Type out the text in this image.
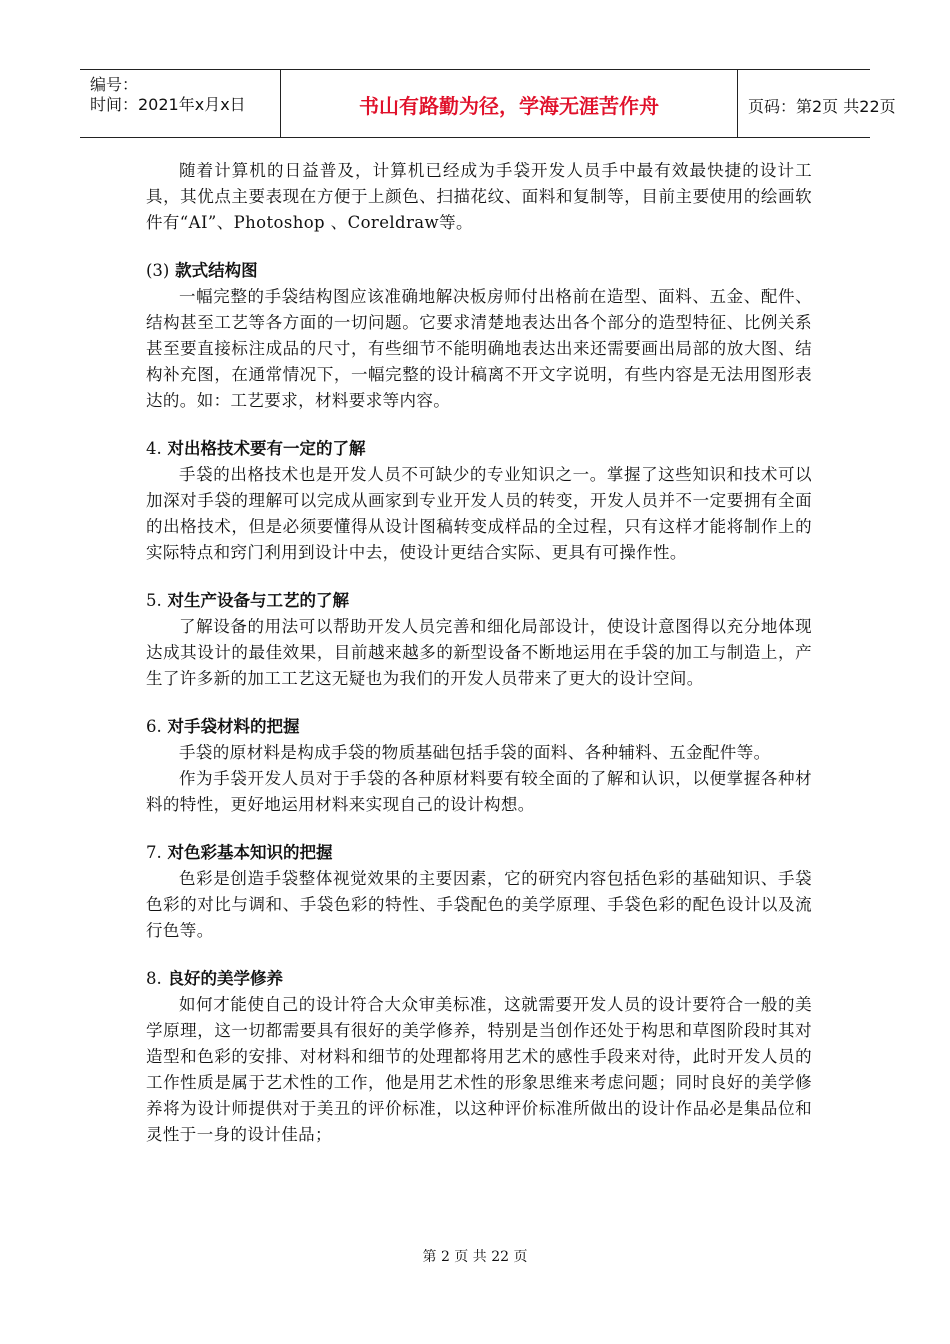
编号：
时间：2021年x月x日	书山有路勤为径，学海无涯苦作舟	页码：第2页 共22页

随着计算机的日益普及，计算机已经成为手袋开发人员手中最有效最快捷的设计工具，其优点主要表现在方便于上颜色、扫描花纹、面料和复制等，目前主要使用的绘画软件有“AI”、Photoshop 、Coreldraw等。

(3) 款式结构图

一幅完整的手袋结构图应该准确地解决板房师付出格前在造型、面料、五金、配件、结构甚至工艺等各方面的一切问题。它要求清楚地表达出各个部分的造型特征、比例关系甚至要直接标注成品的尺寸，有些细节不能明确地表达出来还需要画出局部的放大图、结构补充图，在通常情况下，一幅完整的设计稿离不开文字说明，有些内容是无法用图形表达的。如：工艺要求，材料要求等内容。

4. 对出格技术要有一定的了解

手袋的出格技术也是开发人员不可缺少的专业知识之一。掌握了这些知识和技术可以加深对手袋的理解可以完成从画家到专业开发人员的转变，开发人员并不一定要拥有全面的出格技术，但是必须要懂得从设计图稿转变成样品的全过程，只有这样才能将制作上的实际特点和窍门利用到设计中去，使设计更结合实际、更具有可操作性。

5. 对生产设备与工艺的了解

了解设备的用法可以帮助开发人员完善和细化局部设计，使设计意图得以充分地体现达成其设计的最佳效果，目前越来越多的新型设备不断地运用在手袋的加工与制造上，产生了许多新的加工工艺这无疑也为我们的开发人员带来了更大的设计空间。

6. 对手袋材料的把握

手袋的原材料是构成手袋的物质基础包括手袋的面料、各种辅料、五金配件等。

作为手袋开发人员对于手袋的各种原材料要有较全面的了解和认识，以便掌握各种材料的特性，更好地运用材料来实现自己的设计构想。

7. 对色彩基本知识的把握

色彩是创造手袋整体视觉效果的主要因素，它的研究内容包括色彩的基础知识、手袋色彩的对比与调和、手袋色彩的特性、手袋配色的美学原理、手袋色彩的配色设计以及流行色等。

8. 良好的美学修养

如何才能使自己的设计符合大众审美标准，这就需要开发人员的设计要符合一般的美学原理，这一切都需要具有很好的美学修养，特别是当创作还处于构思和草图阶段时其对造型和色彩的安排、对材料和细节的处理都将用艺术的感性手段来对待，此时开发人员的工作性质是属于艺术性的工作，他是用艺术性的形象思维来考虑问题；同时良好的美学修养将为设计师提供对于美丑的评价标准，以这种评价标准所做出的设计作品必是集品位和灵性于一身的设计佳品；

第 2 页 共 22 页
